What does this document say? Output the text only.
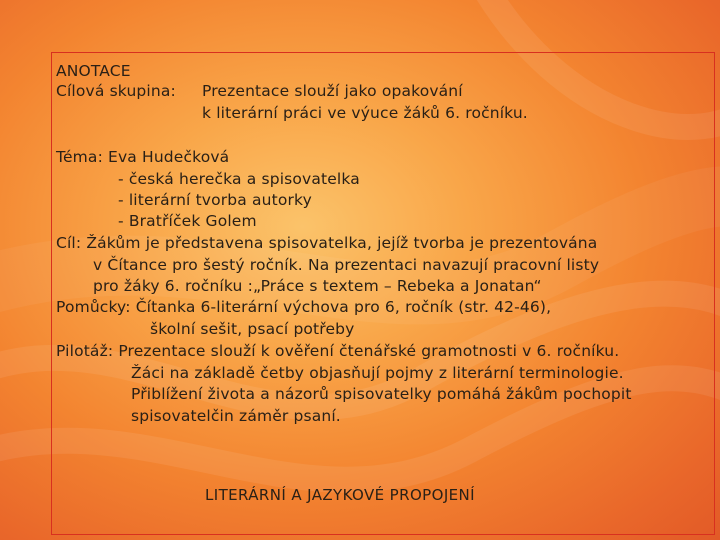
ANOTACE
Cílová skupina: Prezentace slouží jako opakování
k literární práci ve výuce žáků 6. ročníku.
Téma: Eva Hudečková
- česká herečka a spisovatelka
- literární tvorba autorky
- Bratříček Golem
Cíl: Žákům je představena spisovatelka, jejíž tvorba je prezentována
v Čítance pro šestý ročník. Na prezentaci navazují pracovní listy
pro žáky 6. ročníku :„Práce s textem – Rebeka a Jonatan“
Pomůcky: Čítanka 6-literární výchova pro 6, ročník (str. 42-46),
školní sešit, psací potřeby
Pilotáž: Prezentace slouží k ověření čtenářské gramotnosti v 6. ročníku.
Žáci na základě četby objasňují pojmy z literární terminologie.
Přiblížení života a názorů spisovatelky pomáhá žákům pochopit
spisovatelčin záměr psaní.
LITERÁRNÍ A JAZYKOVÉ PROPOJENÍ
